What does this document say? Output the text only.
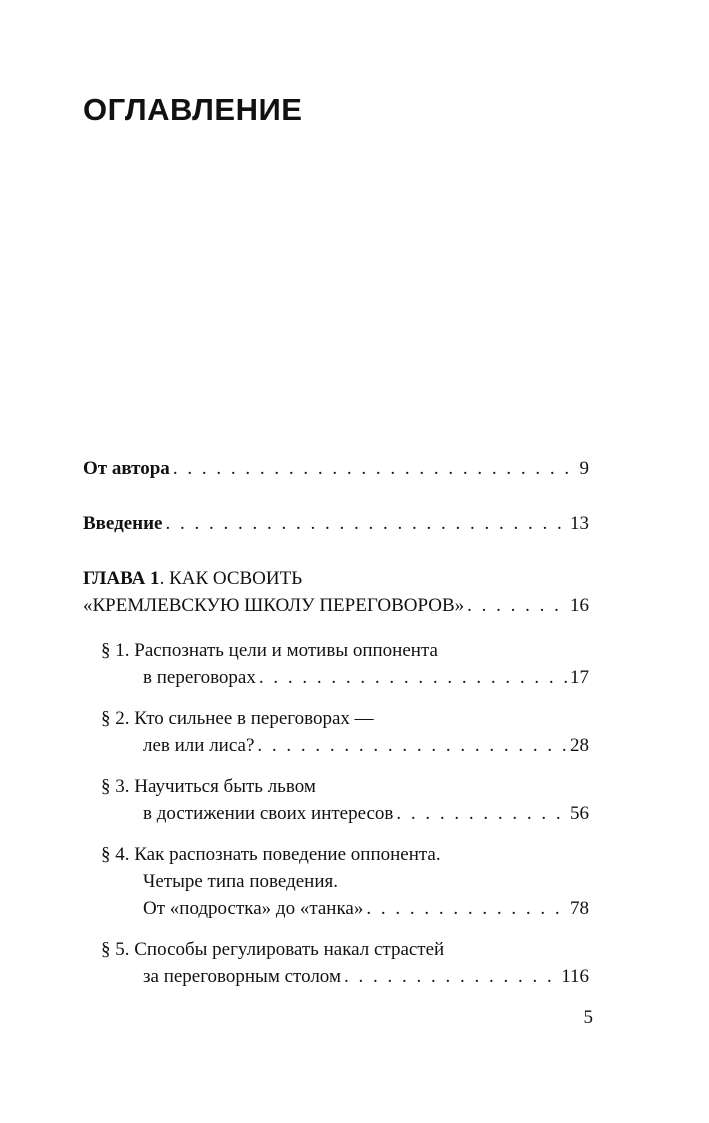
ОГЛАВЛЕНИЕ
От автора . . .	9
Введение . . .	13
ГЛАВА 1. КАК ОСВОИТЬ
«КРЕМЛЕВСКУЮ ШКОЛУ ПЕРЕГОВОРОВ» . . .	16
§ 1. Распознать цели и мотивы оппонента
в переговорах . . .	17
§ 2. Кто сильнее в переговорах —
лев или лиса? . . .	28
§ 3. Научиться быть львом
в достижении своих интересов . . .	56
§ 4. Как распознать поведение оппонента.
Четыре типа поведения.
От «подростка» до «танка» . . .	78
§ 5. Способы регулировать накал страстей
за переговорным столом . . .	116
5
